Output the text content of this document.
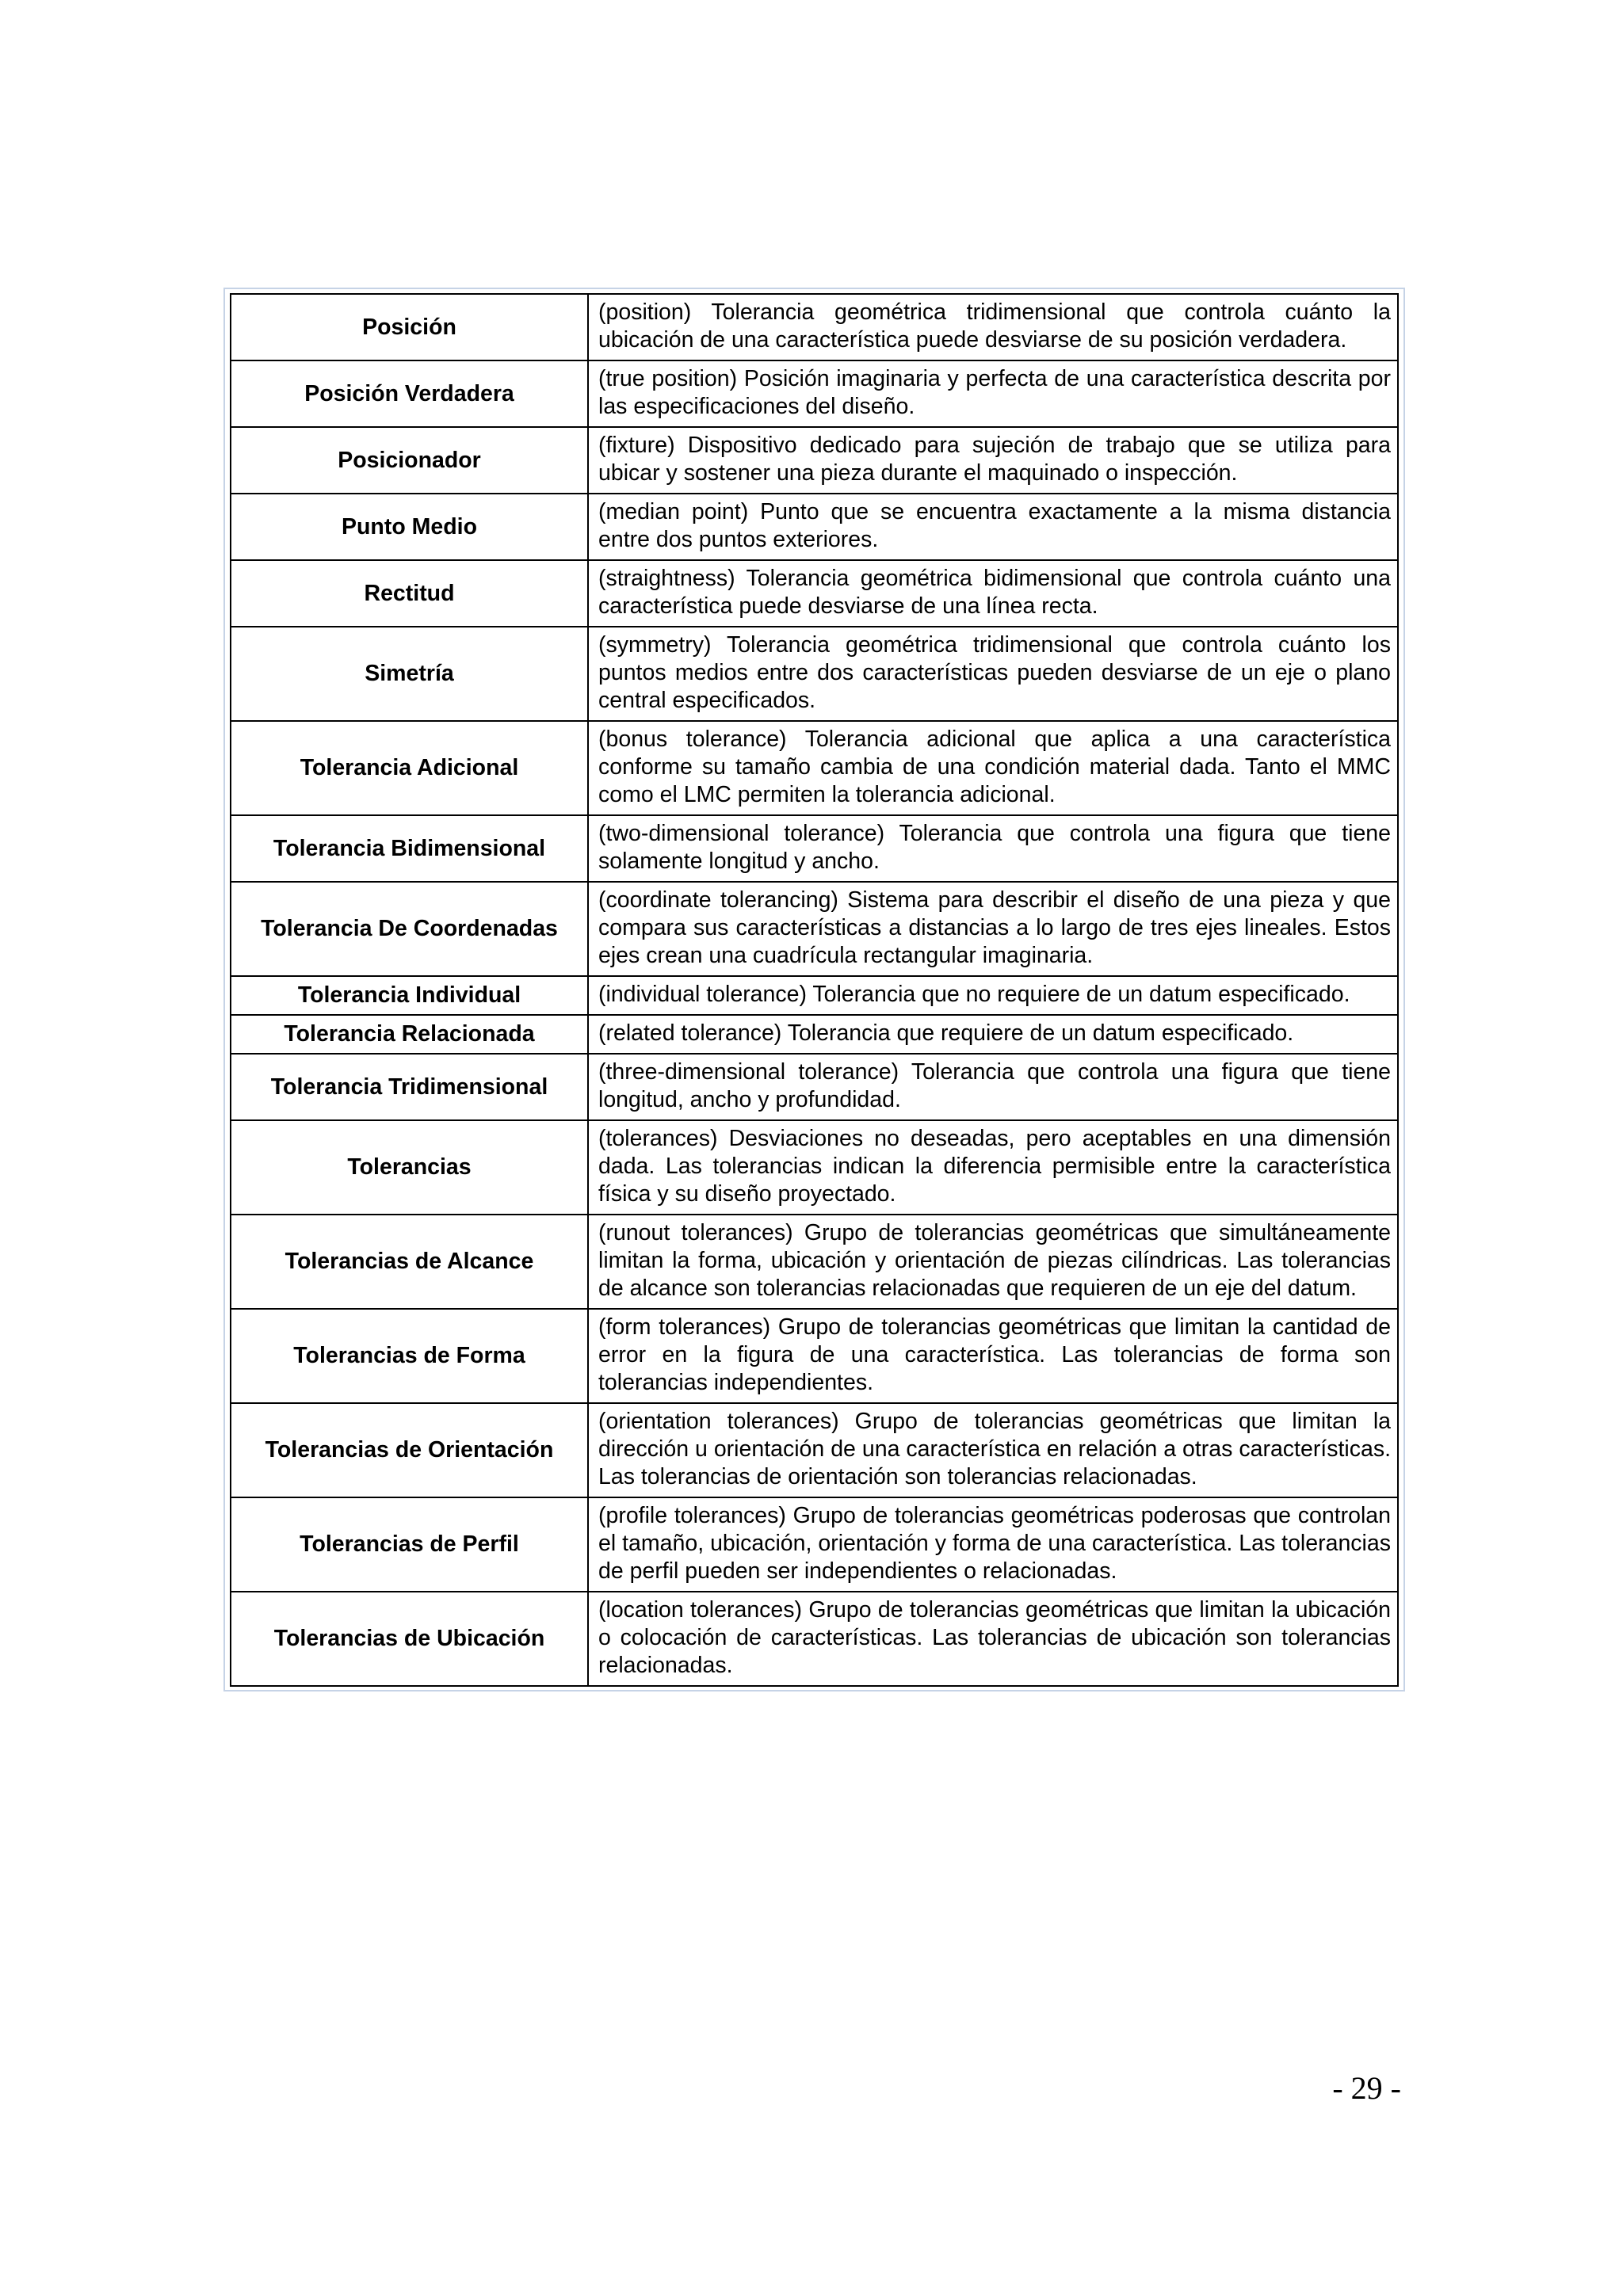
Posición	(position) Tolerancia geométrica tridimensional que controla cuánto la ubicación de una característica puede desviarse de su posición verdadera.
Posición Verdadera	(true position) Posición imaginaria y perfecta de una característica descrita por las especificaciones del diseño.
Posicionador	(fixture) Dispositivo dedicado para sujeción de trabajo que se utiliza para ubicar y sostener una pieza durante el maquinado o inspección.
Punto Medio	(median point) Punto que se encuentra exactamente a la misma distancia entre dos puntos exteriores.
Rectitud	(straightness) Tolerancia geométrica bidimensional que controla cuánto una característica puede desviarse de una línea recta.
Simetría	(symmetry) Tolerancia geométrica tridimensional que controla cuánto los puntos medios entre dos características pueden desviarse de un eje o plano central especificados.
Tolerancia Adicional	(bonus tolerance) Tolerancia adicional que aplica a una característica conforme su tamaño cambia de una condición material dada. Tanto el MMC como el LMC permiten la tolerancia adicional.
Tolerancia Bidimensional	(two-dimensional tolerance) Tolerancia que controla una figura que tiene solamente longitud y ancho.
Tolerancia De Coordenadas	(coordinate tolerancing) Sistema para describir el diseño de una pieza y que compara sus características a distancias a lo largo de tres ejes lineales. Estos ejes crean una cuadrícula rectangular imaginaria.
Tolerancia Individual	(individual tolerance) Tolerancia que no requiere de un datum especificado.
Tolerancia Relacionada	(related tolerance) Tolerancia que requiere de un datum especificado.
Tolerancia Tridimensional	(three-dimensional tolerance) Tolerancia que controla una figura que tiene longitud, ancho y profundidad.
Tolerancias	(tolerances) Desviaciones no deseadas, pero aceptables en una dimensión dada. Las tolerancias indican la diferencia permisible entre la característica física y su diseño proyectado.
Tolerancias de Alcance	(runout tolerances) Grupo de tolerancias geométricas que simultáneamente limitan la forma, ubicación y orientación de piezas cilíndricas. Las tolerancias de alcance son tolerancias relacionadas que requieren de un eje del datum.
Tolerancias de Forma	(form tolerances) Grupo de tolerancias geométricas que limitan la cantidad de error en la figura de una característica. Las tolerancias de forma son tolerancias independientes.
Tolerancias de Orientación	(orientation tolerances) Grupo de tolerancias geométricas que limitan la dirección u orientación de una característica en relación a otras características. Las tolerancias de orientación son tolerancias relacionadas.
Tolerancias de Perfil	(profile tolerances) Grupo de tolerancias geométricas poderosas que controlan el tamaño, ubicación, orientación y forma de una característica. Las tolerancias de perfil pueden ser independientes o relacionadas.
Tolerancias de Ubicación	(location tolerances) Grupo de tolerancias geométricas que limitan la ubicación o colocación de características. Las tolerancias de ubicación son tolerancias relacionadas.
- 29 -
